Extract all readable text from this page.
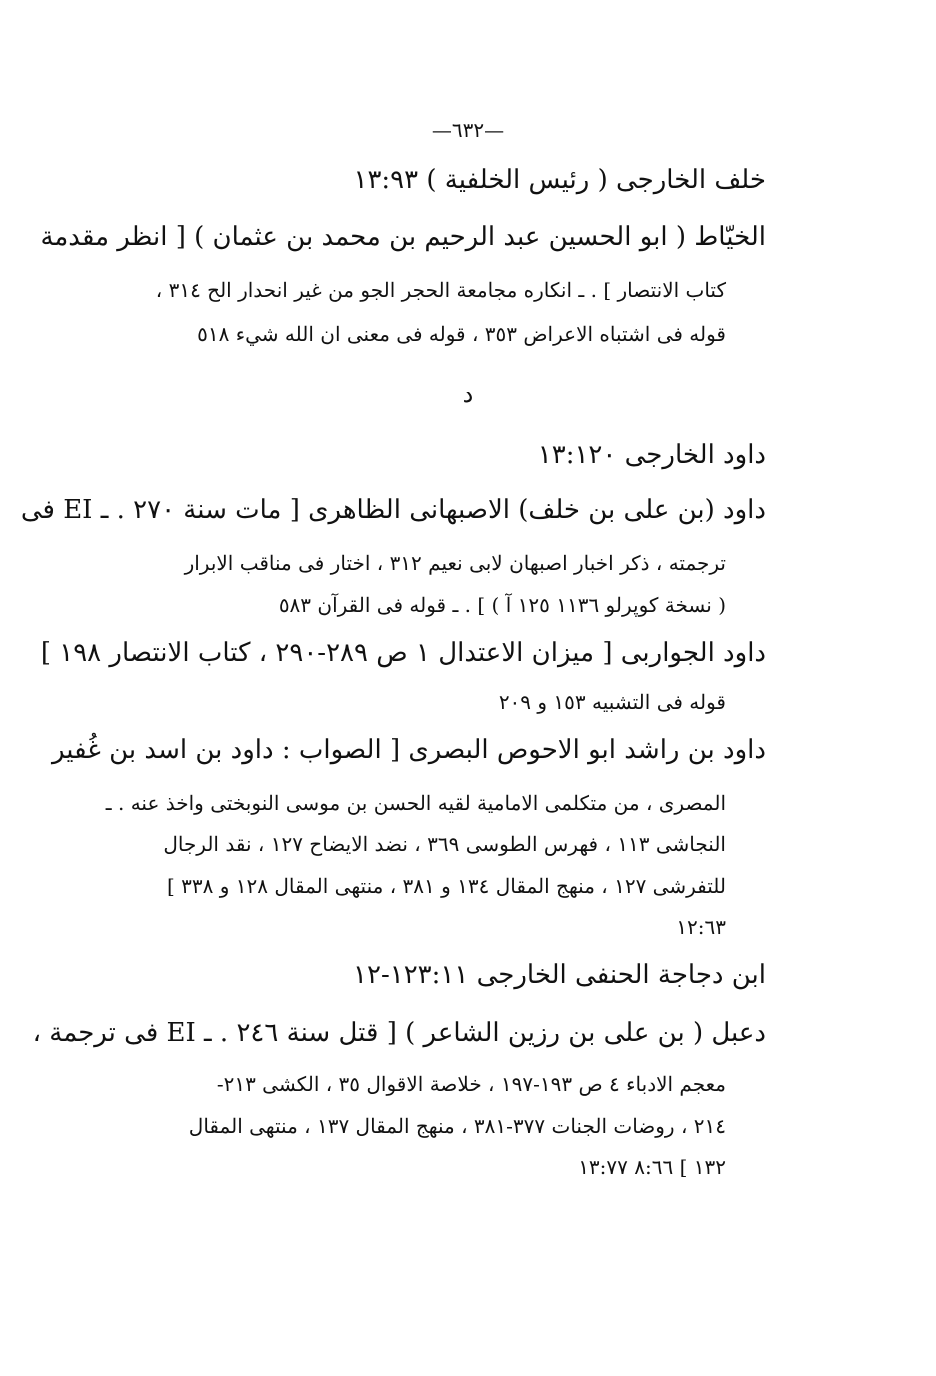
—٦٣٢—
خلف الخارجى ( رئيس الخلفية ) ١٣:٩٣
الخيّاط ( ابو الحسين عبد الرحيم بن محمد بن عثمان ) [ انظر مقدمة
كتاب الانتصار ] . ـ انكاره مجامعة الحجر الجو من غير انحدار الح ٣١٤ ،
قوله فى اشتباه الاعراض ٣٥٣ ، قوله فى معنى ان الله شيء ٥١٨
د
داود الخارجى ١٣:١٢٠
داود (بن على بن خلف) الاصبهانى الظاهرى [ مات سنة ٢٧٠ . ـ EI فى
ترجمته ، ذكر اخبار اصبهان لابى نعيم ٣١٢ ، اختار فى مناقب الابرار
( نسخة كوپرلو ١١٣٦ ١٢٥ آ ) ] . ـ قوله فى القرآن ٥٨٣
داود الجواربى [ ميزان الاعتدال ١ ص ٢٨٩-٢٩٠ ، كتاب الانتصار ١٩٨ ]
قوله فى التشبيه ١٥٣ و ٢٠٩
داود بن راشد ابو الاحوص البصرى [ الصواب : داود بن اسد بن غُفير
المصرى ، من متكلمى الامامية لقيه الحسن بن موسى النوبختى واخذ عنه . ـ
النجاشى ١١٣ ، فهرس الطوسى ٣٦٩ ، نضد الايضاح ١٢٧ ، نقد الرجال
للتفرشى ١٢٧ ، منهج المقال ١٣٤ و ٣٨١ ، منتهى المقال ١٢٨ و ٣٣٨ ]
١٢:٦٣
ابن دجاجة الحنفى الخارجى ١٢٣:١١-١٢
دعبل ( بن على بن رزين الشاعر ) [ قتل سنة ٢٤٦ . ـ EI فى ترجمة ،
معجم الادباء ٤ ص ١٩٣-١٩٧ ، خلاصة الاقوال ٣٥ ، الكشى ٢١٣-
٢١٤ ، روضات الجنات ٣٧٧-٣٨١ ، منهج المقال ١٣٧ ، منتهى المقال
١٣٢ ] ٨:٦٦ ١٣:٧٧
